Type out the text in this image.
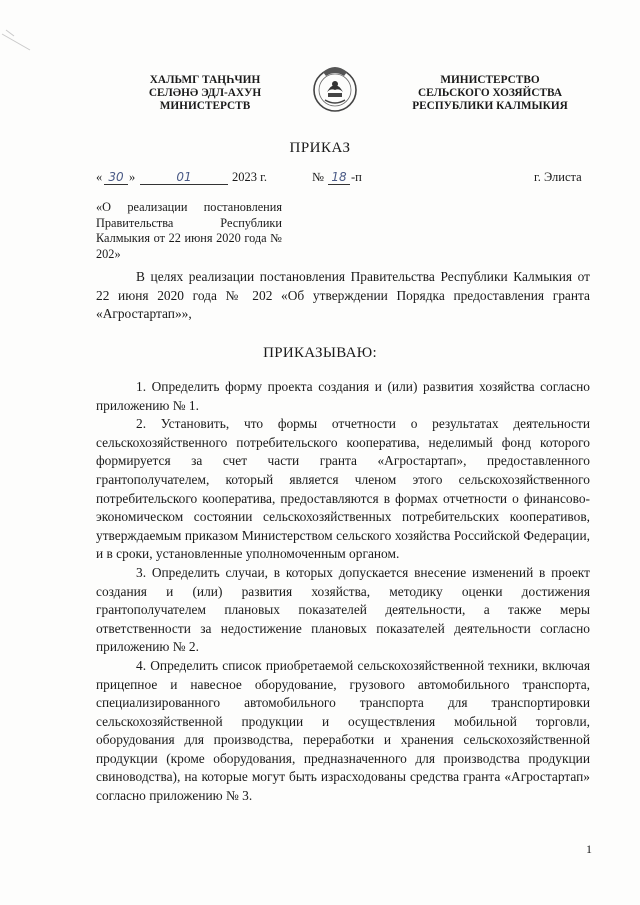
ХАЛЬМГ ТАҢҺЧИН
СЕЛӘНӘ ЭДЛ-АХУН
МИНИСТЕРСТВ
МИНИСТЕРСТВО
СЕЛЬСКОГО ХОЗЯЙСТВА
РЕСПУБЛИКИ КАЛМЫКИЯ
ПРИКАЗ
« 30 »	01	2023 г.	№ 18 -п	г. Элиста
«О реализации постановления Правительства Республики Калмыкия от 22 июня 2020 года № 202»
В целях реализации постановления Правительства Республики Калмыкия от 22 июня 2020 года № 202 «Об утверждении Порядка предоставления гранта «Агростартап»»,
ПРИКАЗЫВАЮ:

1. Определить форму проекта создания и (или) развития хозяйства согласно приложению № 1.

2. Установить, что формы отчетности о результатах деятельности сельскохозяйственного потребительского кооператива, неделимый фонд которого формируется за счет части гранта «Агростартап», предоставленного грантополучателем, который является членом этого сельскохозяйственного потребительского кооператива, предоставляются в формах отчетности о финансово-экономическом состоянии сельскохозяйственных потребительских кооперативов, утверждаемым приказом Министерством сельского хозяйства Российской Федерации, и в сроки, установленные уполномоченным органом.

3. Определить случаи, в которых допускается внесение изменений в проект создания и (или) развития хозяйства, методику оценки достижения грантополучателем плановых показателей деятельности, а также меры ответственности за недостижение плановых показателей деятельности согласно приложению № 2.

4. Определить список приобретаемой сельскохозяйственной техники, включая прицепное и навесное оборудование, грузового автомобильного транспорта, специализированного автомобильного транспорта для транспортировки сельскохозяйственной продукции и осуществления мобильной торговли, оборудования для производства, переработки и хранения сельскохозяйственной продукции (кроме оборудования, предназначенного для производства продукции свиноводства), на которые могут быть израсходованы средства гранта «Агростартап» согласно приложению № 3.

1
